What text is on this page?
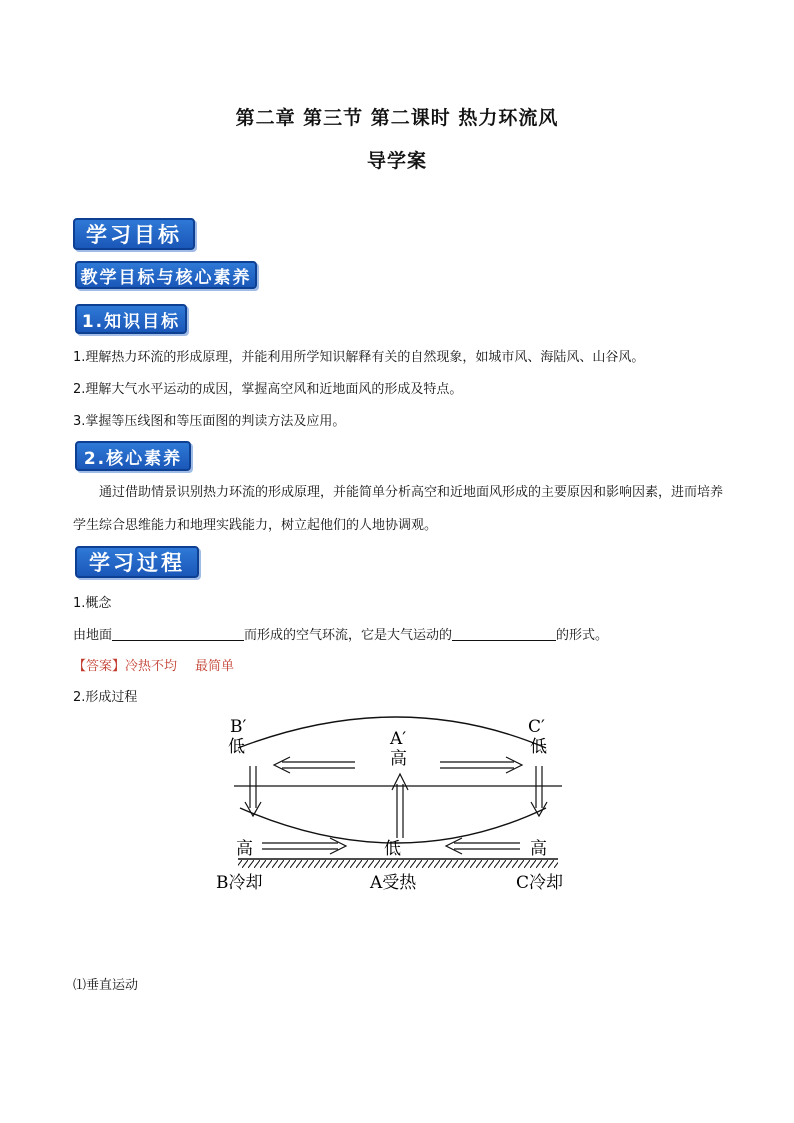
第二章 第三节 第二课时 热力环流风
导学案
学习目标
教学目标与核心素养
1.知识目标
1.理解热力环流的形成原理，并能利用所学知识解释有关的自然现象，如城市风、海陆风、山谷风。
2.理解大气水平运动的成因，掌握高空风和近地面风的形成及特点。
3.掌握等压线图和等压面图的判读方法及应用。
2.核心素养
通过借助情景识别热力环流的形成原理，并能简单分析高空和近地面风形成的主要原因和影响因素，进而培养学生综合思维能力和地理实践能力，树立起他们的人地协调观。
学习过程
1.概念
由地面	而形成的空气环流，它是大气运动的	的形式。
【答案】冷热不均 最简单
2.形成过程
B′
低	A′
高
C′
低
高	低	高
B冷却	A受热	C冷却
⑴垂直运动
